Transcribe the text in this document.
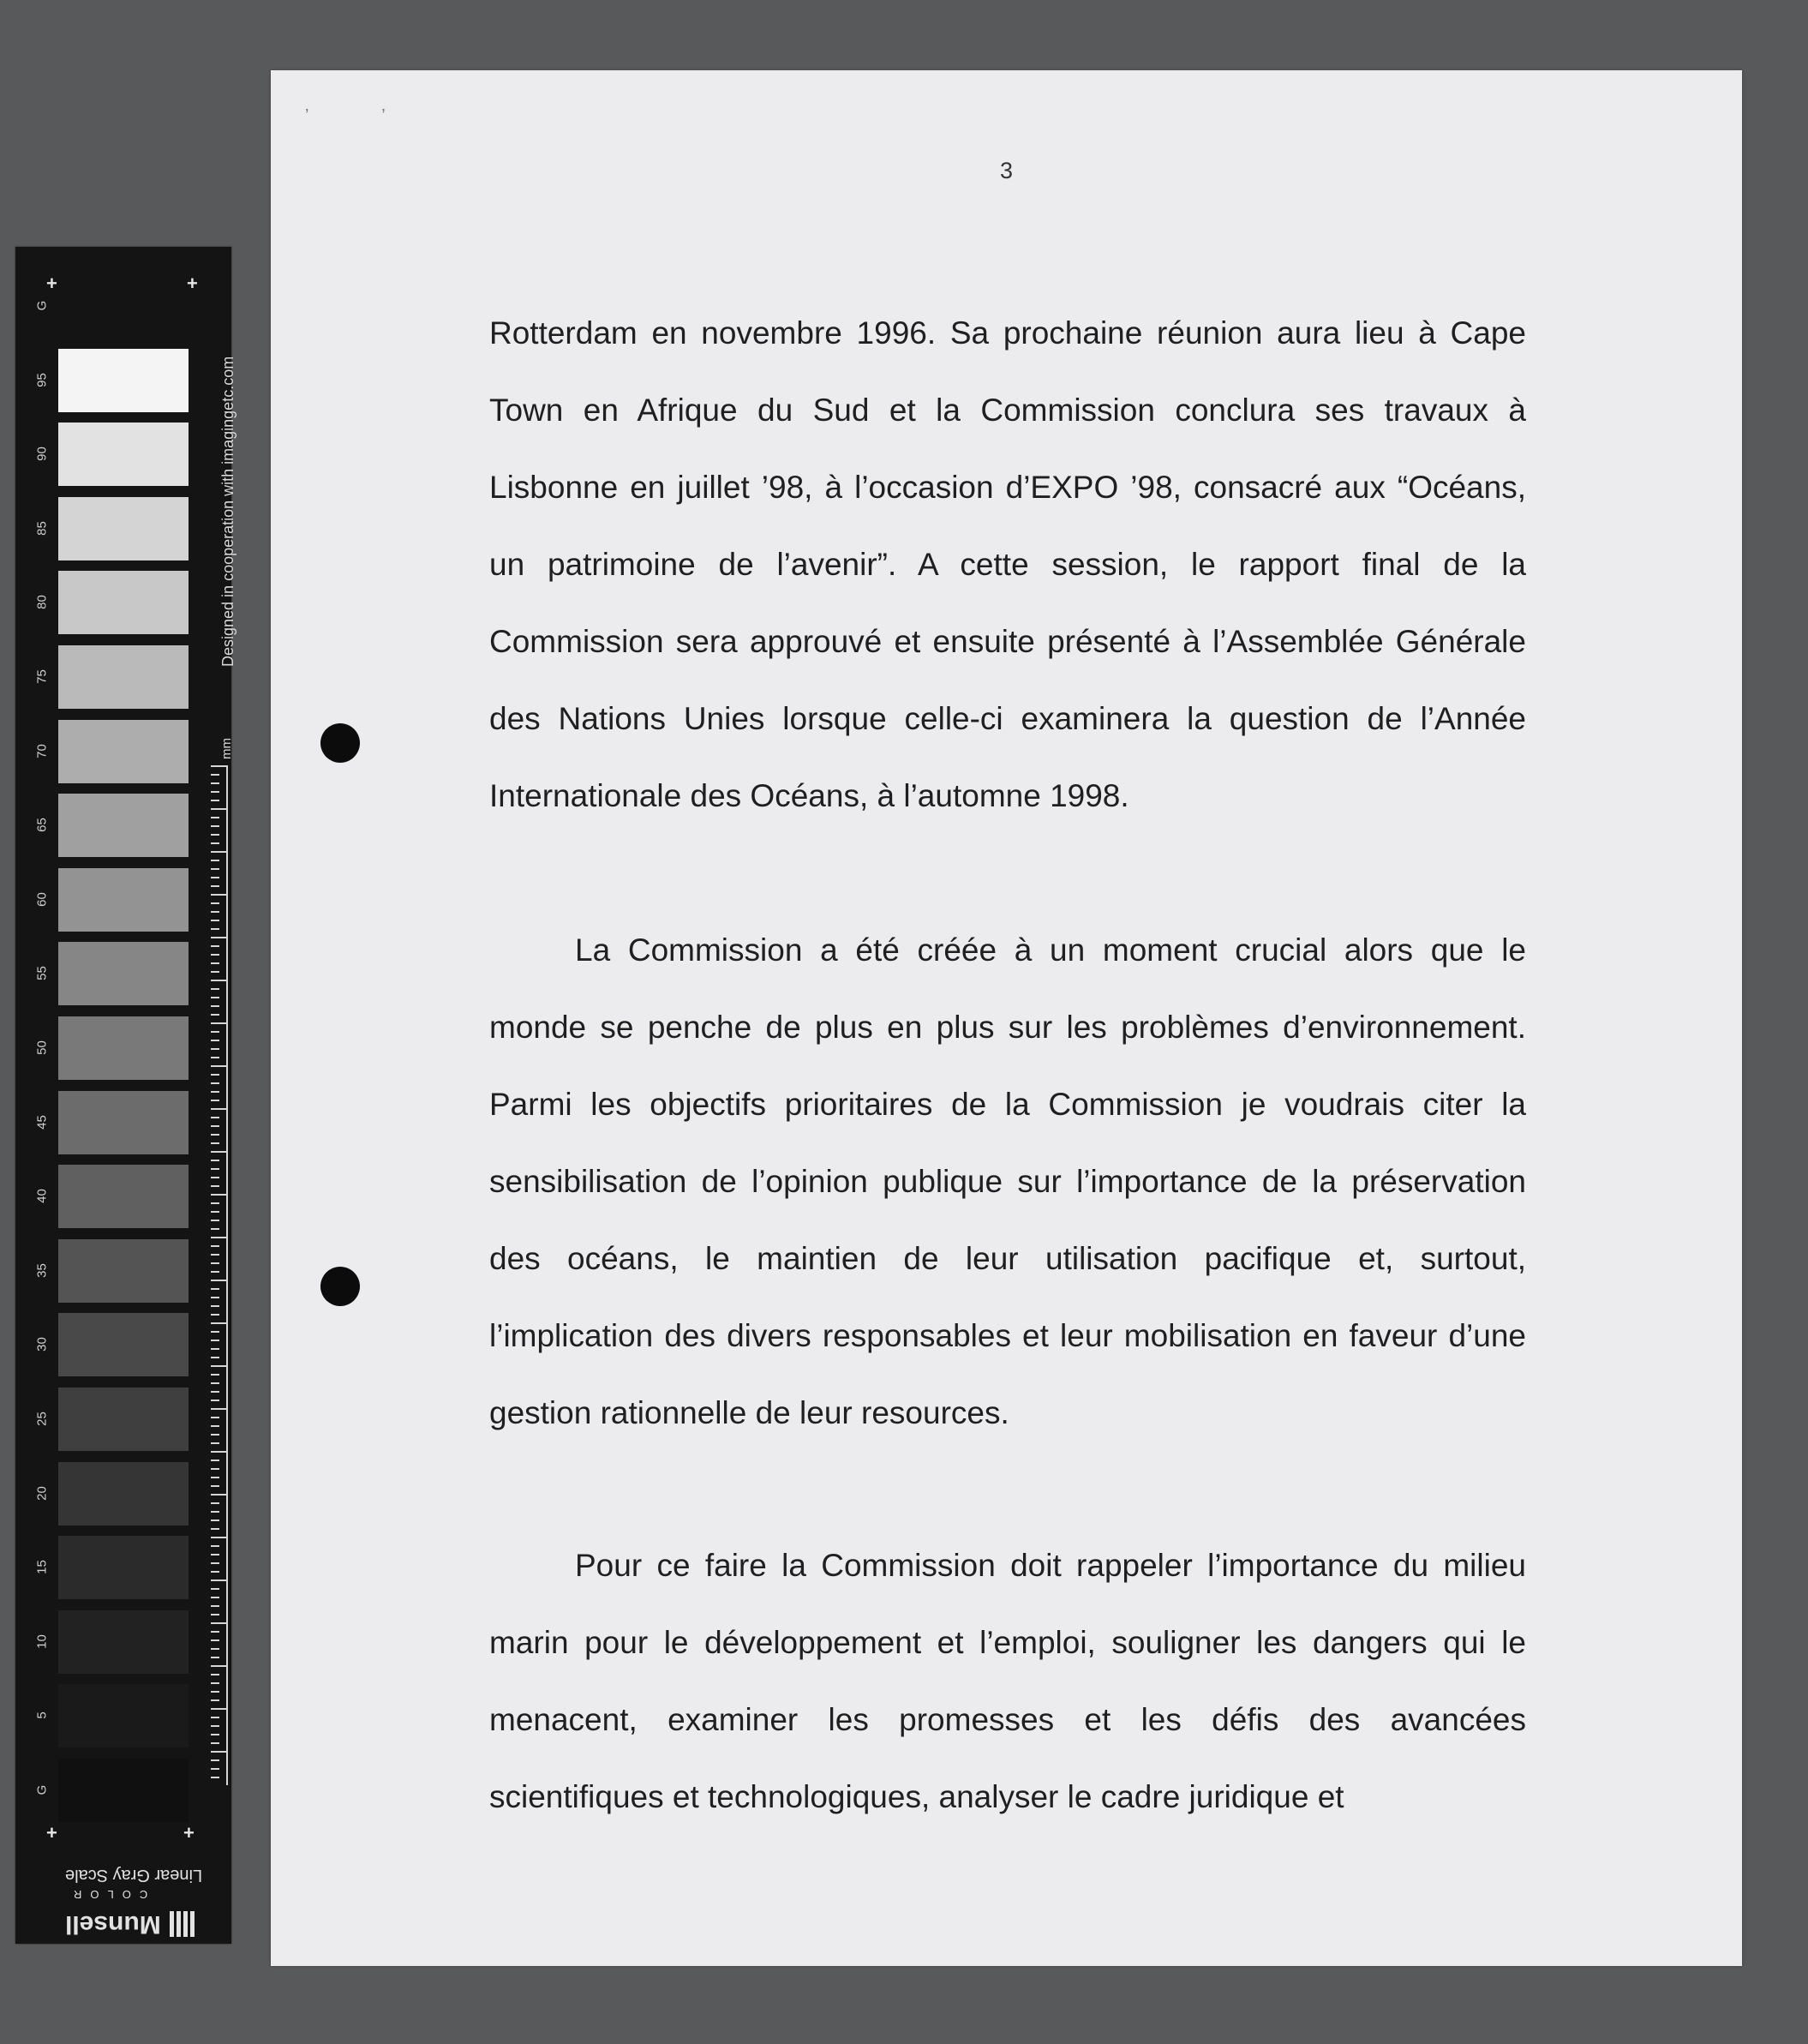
G
95
90
85
80
75
70
65
60
55
50
45
40
35
30
25
20
15
10
5
G
+	+
+	+
Designed in cooperation with imagingetc.com
mm
Linear Gray Scale
COLOR
Munsell
’ ’
3

Rotterdam en novembre 1996. Sa prochaine réunion aura lieu à Cape Town en Afrique du Sud et la Commission conclura ses travaux à Lisbonne en juillet ’98, à l’occasion d’EXPO ’98, consacré aux “Océans, un patrimoine de l’avenir”. A cette session, le rapport final de la Commission sera approuvé et ensuite présenté à l’Assemblée Générale des Nations Unies lorsque celle-ci examinera la question de l’Année Internationale des Océans, à l’automne 1998.

La Commission a été créée à un moment crucial alors que le monde se penche de plus en plus sur les problèmes d’environnement. Parmi les objectifs prioritaires de la Commission je voudrais citer la sensibilisation de l’opinion publique sur l’importance de la préservation des océans, le maintien de leur utilisation pacifique et, surtout, l’implication des divers responsables et leur mobilisation en faveur d’une gestion rationnelle de leur resources.

Pour ce faire la Commission doit rappeler l’importance du milieu marin pour le développement et l’emploi, souligner les dangers qui le menacent, examiner les promesses et les défis des avancées scientifiques et technologiques, analyser le cadre juridique et
